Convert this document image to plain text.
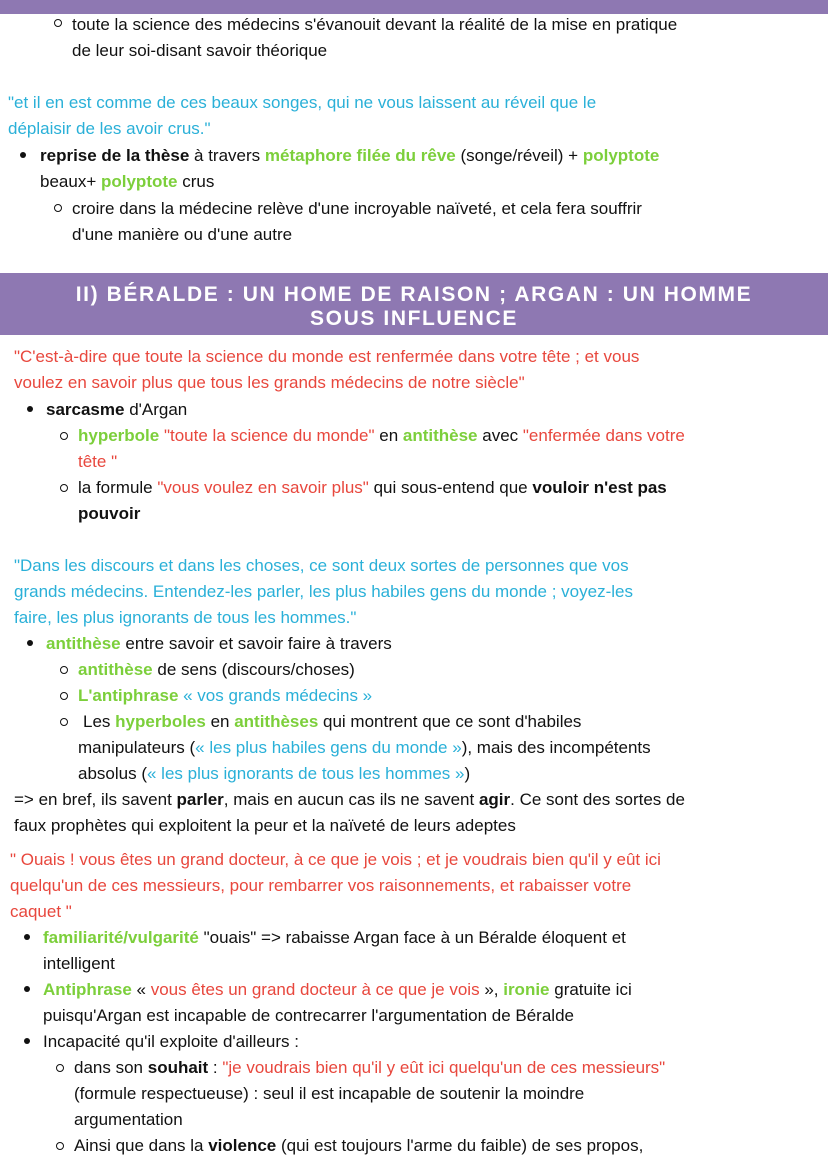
toute la science des médecins s'évanouit devant la réalité de la mise en pratique
de leur soi-disant savoir théorique
"et il en est comme de ces beaux songes, qui ne vous laissent au réveil que le
déplaisir de les avoir crus."
reprise de la thèse à travers métaphore filée du rêve (songe/réveil) + polyptote
beaux+ polyptote crus
croire dans la médecine relève d'une incroyable naïveté, et cela fera souffrir
d'une manière ou d'une autre
II) BÉRALDE : UN HOME DE RAISON ; ARGAN : UN HOMME
SOUS INFLUENCE
"C'est-à-dire que toute la science du monde est renfermée dans votre tête ; et vous
voulez en savoir plus que tous les grands médecins de notre siècle"
sarcasme d'Argan
hyperbole "toute la science du monde" en antithèse avec "enfermée dans votre
tête "
la formule "vous voulez en savoir plus" qui sous-entend que vouloir n'est pas
pouvoir
"Dans les discours et dans les choses, ce sont deux sortes de personnes que vos
grands médecins. Entendez-les parler, les plus habiles gens du monde ; voyez-les
faire, les plus ignorants de tous les hommes."
antithèse entre savoir et savoir faire à travers
antithèse de sens (discours/choses)
L'antiphrase « vos grands médecins »
Les hyperboles en antithèses qui montrent que ce sont d'habiles
manipulateurs (« les plus habiles gens du monde »), mais des incompétents
absolus (« les plus ignorants de tous les hommes »)
=> en bref, ils savent parler, mais en aucun cas ils ne savent agir. Ce sont des sortes de
faux prophètes qui exploitent la peur et la naïveté de leurs adeptes
" Ouais ! vous êtes un grand docteur, à ce que je vois ; et je voudrais bien qu'il y eût ici
quelqu'un de ces messieurs, pour rembarrer vos raisonnements, et rabaisser votre
caquet "
familiarité/vulgarité "ouais" => rabaisse Argan face à un Béralde éloquent et
intelligent
Antiphrase « vous êtes un grand docteur à ce que je vois », ironie gratuite ici
puisqu'Argan est incapable de contrecarrer l'argumentation de Béralde
Incapacité qu'il exploite d'ailleurs :
dans son souhait : "je voudrais bien qu'il y eût ici quelqu'un de ces messieurs"
(formule respectueuse) : seul il est incapable de soutenir la moindre
argumentation
Ainsi que dans la violence (qui est toujours l'arme du faible) de ses propos,
